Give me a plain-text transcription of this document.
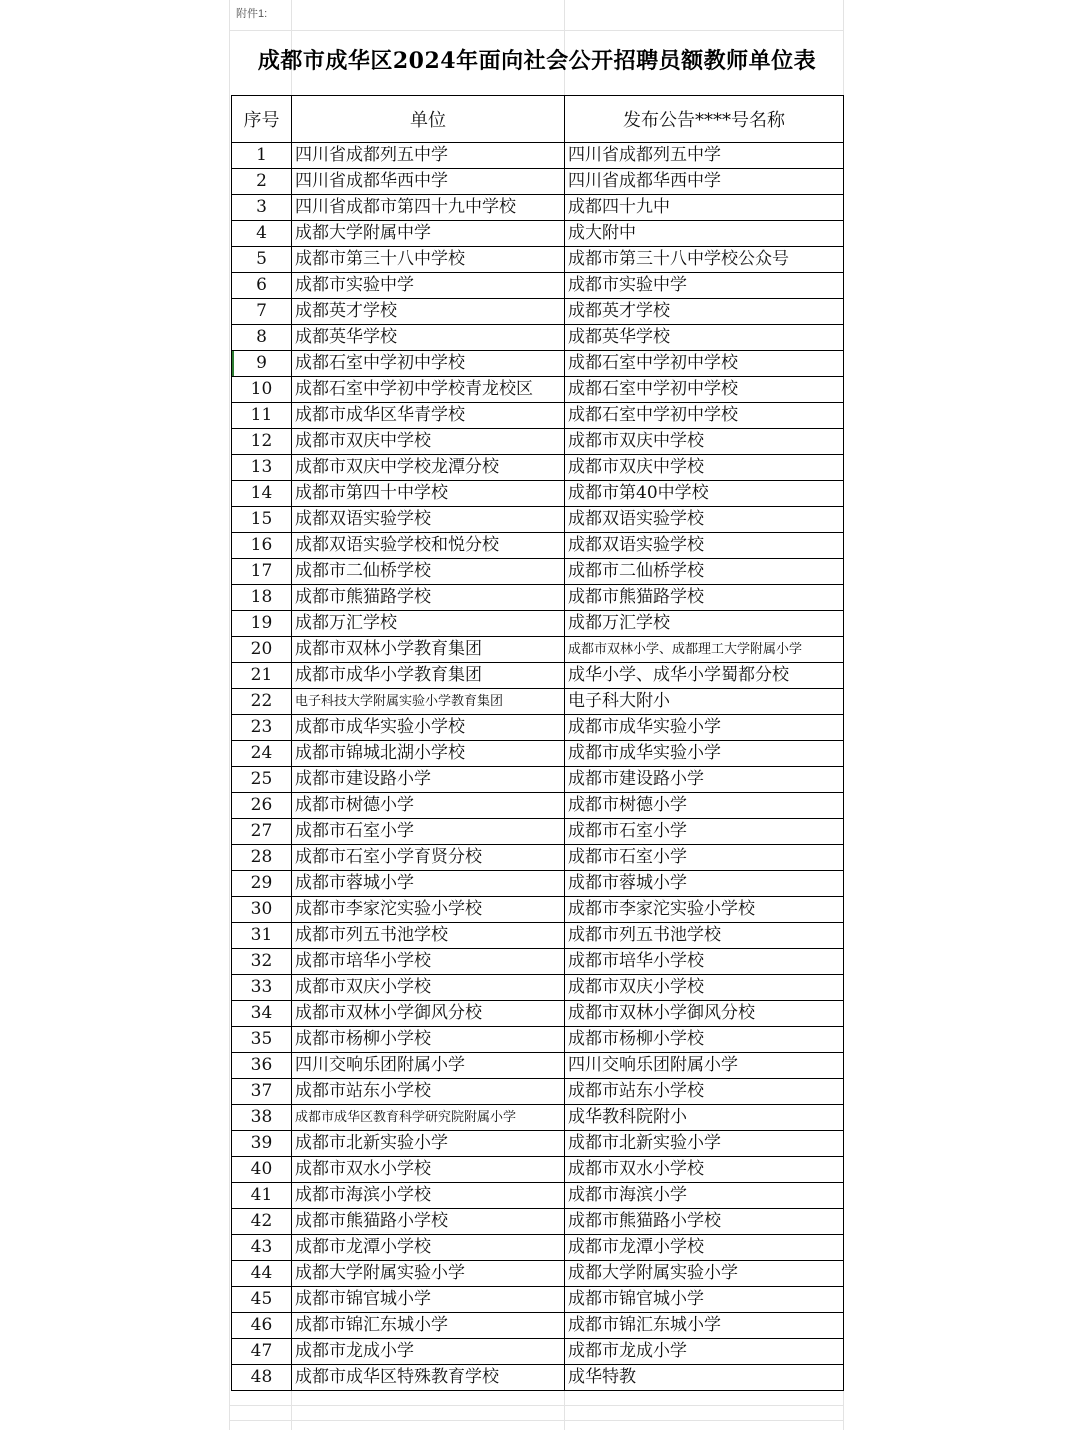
附件1:
成都市成华区2024年面向社会公开招聘员额教师单位表
序号	单位	发布公告****号名称
1	四川省成都列五中学	四川省成都列五中学
2	四川省成都华西中学	四川省成都华西中学
3	四川省成都市第四十九中学校	成都四十九中
4	成都大学附属中学	成大附中
5	成都市第三十八中学校	成都市第三十八中学校公众号
6	成都市实验中学	成都市实验中学
7	成都英才学校	成都英才学校
8	成都英华学校	成都英华学校
9	成都石室中学初中学校	成都石室中学初中学校
10	成都石室中学初中学校青龙校区	成都石室中学初中学校
11	成都市成华区华青学校	成都石室中学初中学校
12	成都市双庆中学校	成都市双庆中学校
13	成都市双庆中学校龙潭分校	成都市双庆中学校
14	成都市第四十中学校	成都市第40中学校
15	成都双语实验学校	成都双语实验学校
16	成都双语实验学校和悦分校	成都双语实验学校
17	成都市二仙桥学校	成都市二仙桥学校
18	成都市熊猫路学校	成都市熊猫路学校
19	成都万汇学校	成都万汇学校
20	成都市双林小学教育集团	成都市双林小学、成都理工大学附属小学
21	成都市成华小学教育集团	成华小学、成华小学蜀都分校
22	电子科技大学附属实验小学教育集团	电子科大附小
23	成都市成华实验小学校	成都市成华实验小学
24	成都市锦城北湖小学校	成都市成华实验小学
25	成都市建设路小学	成都市建设路小学
26	成都市树德小学	成都市树德小学
27	成都市石室小学	成都市石室小学
28	成都市石室小学育贤分校	成都市石室小学
29	成都市蓉城小学	成都市蓉城小学
30	成都市李家沱实验小学校	成都市李家沱实验小学校
31	成都市列五书池学校	成都市列五书池学校
32	成都市培华小学校	成都市培华小学校
33	成都市双庆小学校	成都市双庆小学校
34	成都市双林小学御风分校	成都市双林小学御风分校
35	成都市杨柳小学校	成都市杨柳小学校
36	四川交响乐团附属小学	四川交响乐团附属小学
37	成都市站东小学校	成都市站东小学校
38	成都市成华区教育科学研究院附属小学	成华教科院附小
39	成都市北新实验小学	成都市北新实验小学
40	成都市双水小学校	成都市双水小学校
41	成都市海滨小学校	成都市海滨小学
42	成都市熊猫路小学校	成都市熊猫路小学校
43	成都市龙潭小学校	成都市龙潭小学校
44	成都大学附属实验小学	成都大学附属实验小学
45	成都市锦官城小学	成都市锦官城小学
46	成都市锦汇东城小学	成都市锦汇东城小学
47	成都市龙成小学	成都市龙成小学
48	成都市成华区特殊教育学校	成华特教
